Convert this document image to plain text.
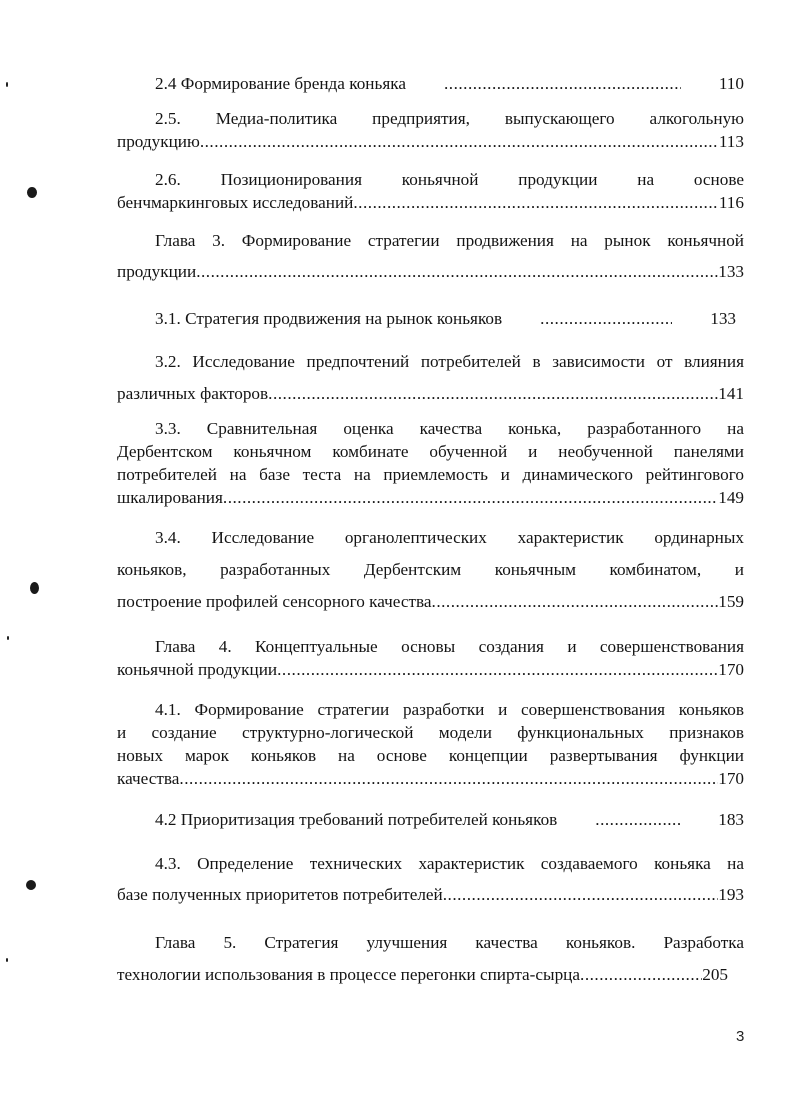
2.4 Формирование бренда коньяка .....	110
2.5. Медиа-политика предприятия, выпускающего алкогольную
продукцию .....	113
2.6. Позиционирования коньячной продукции на основе
бенчмаркинговых исследований .....	116
Глава 3. Формирование стратегии продвижения на рынок коньячной
продукции .....	133
3.1. Стратегия продвижения на рынок коньяков .....	133
3.2. Исследование предпочтений потребителей в зависимости от влияния
различных факторов .....	141
3.3. Сравнительная оценка качества конька, разработанного на
Дербентском коньячном комбинате обученной и необученной панелями
потребителей на базе теста на приемлемость и динамического рейтингового
шкалирования .....	149
3.4. Исследование органолептических характеристик ординарных
коньяков, разработанных Дербентским коньячным комбинатом, и
построение профилей сенсорного качества .....	159
Глава 4. Концептуальные основы создания и совершенствования
коньячной продукции .....	170
4.1. Формирование стратегии разработки и совершенствования коньяков
и создание структурно-логической модели функциональных признаков
новых марок коньяков на основе концепции развертывания функции
качества .....	170
4.2 Приоритизация требований потребителей коньяков .....	183
4.3. Определение технических характеристик создаваемого коньяка на
базе полученных приоритетов потребителей .....	193
Глава 5. Стратегия улучшения качества коньяков. Разработка
технологии использования в процессе перегонки спирта-сырца .....	205
3
